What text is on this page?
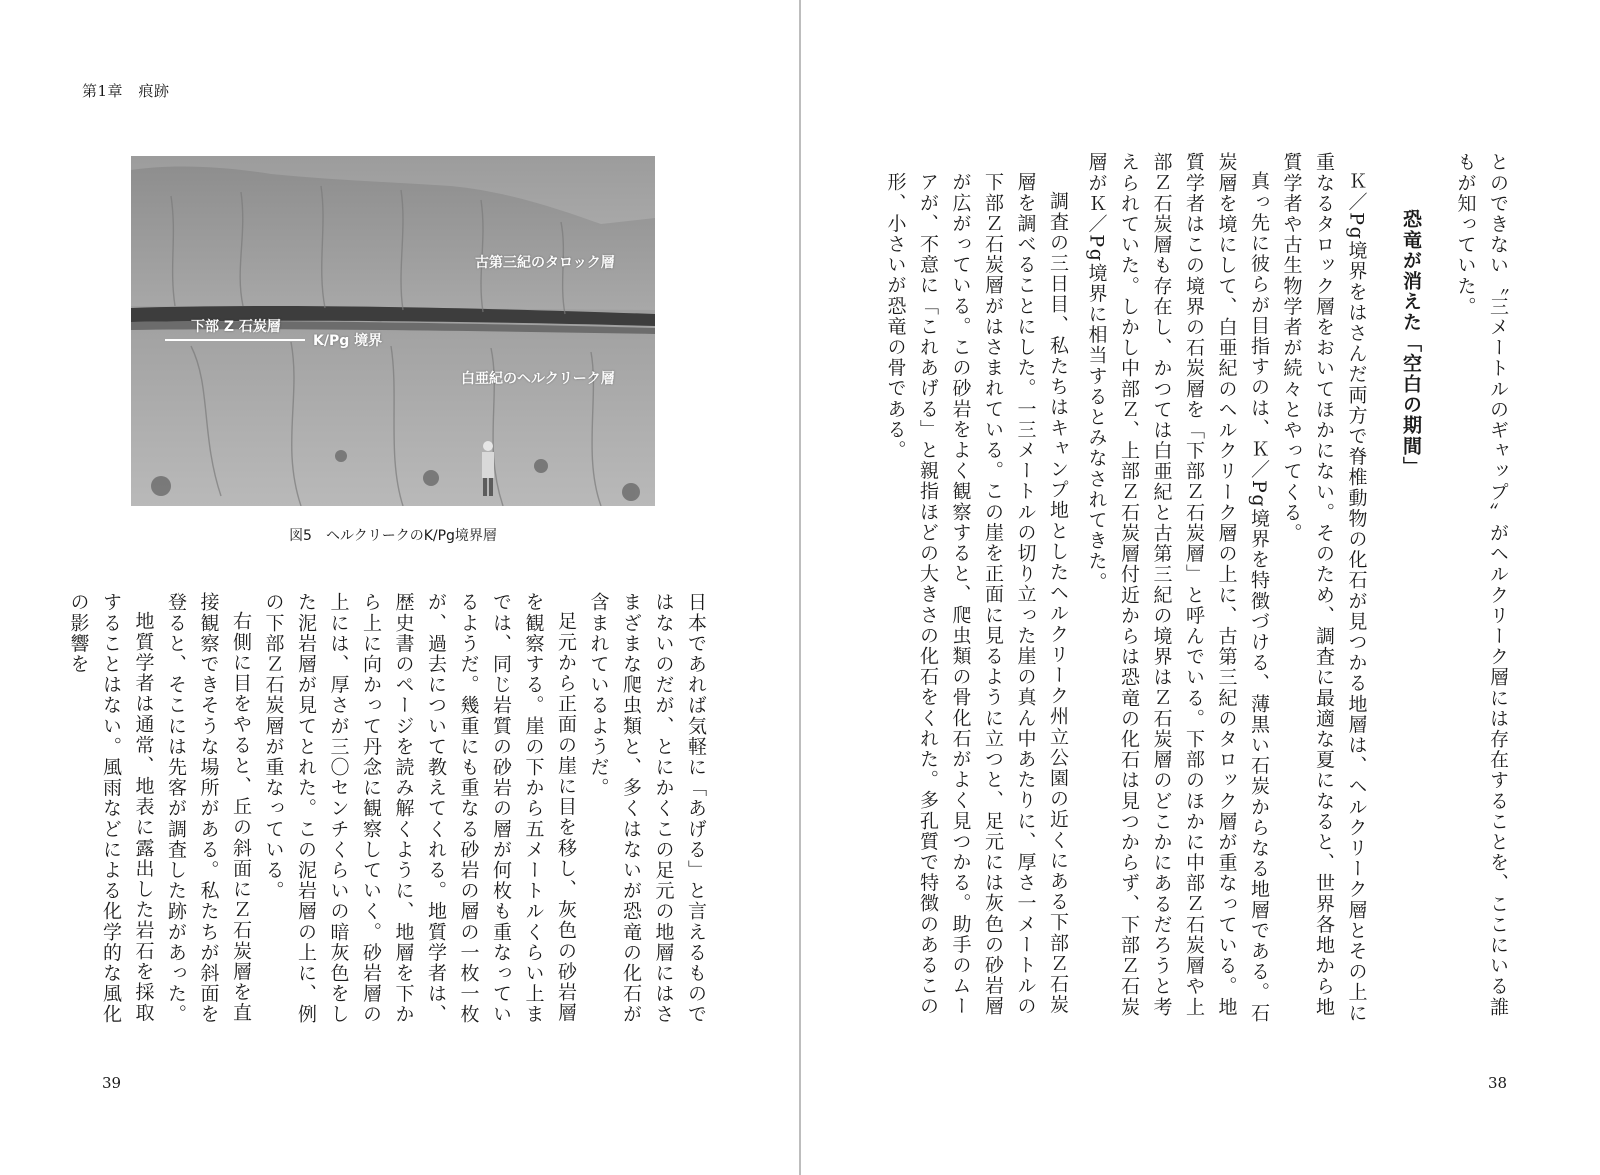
第1章　痕跡
古第三紀のタロック層
下部 Z 石炭層
K/Pg 境界
白亜紀のヘルクリーク層
図5　ヘルクリークのK/Pg境界層

日本であれば気軽に「あげる」と言えるものではないのだが、とにかくこの足元の地層にはさまざまな爬虫類と、多くはないが恐竜の化石が含まれているようだ。

足元から正面の崖に目を移し、灰色の砂岩層を観察する。崖の下から五メートルくらい上までは、同じ岩質の砂岩の層が何枚も重なっているようだ。幾重にも重なる砂岩の層の一枚一枚が、過去について教えてくれる。地質学者は、歴史書のページを読み解くように、地層を下から上に向かって丹念に観察していく。砂岩層の上には、厚さが三〇センチくらいの暗灰色をした泥岩層が見てとれた。この泥岩層の上に、例の下部Ｚ石炭層が重なっている。

右側に目をやると、丘の斜面にＺ石炭層を直接観察できそうな場所がある。私たちが斜面を登ると、そこには先客が調査した跡があった。

地質学者は通常、地表に露出した岩石を採取することはない。風雨などによる化学的な風化の影響を

39

とのできない〝三メートルのギャップ〟がヘルクリーク層には存在することを、ここにいる誰もが知っていた。

恐竜が消えた「空白の期間」

Ｋ／Pg境界をはさんだ両方で脊椎動物の化石が見つかる地層は、ヘルクリーク層とその上に重なるタロック層をおいてほかにない。そのため、調査に最適な夏になると、世界各地から地質学者や古生物学者が続々とやってくる。

真っ先に彼らが目指すのは、Ｋ／Pg境界を特徴づける、薄黒い石炭からなる地層である。石炭層を境にして、白亜紀のヘルクリーク層の上に、古第三紀のタロック層が重なっている。地質学者はこの境界の石炭層を「下部Ｚ石炭層」と呼んでいる。下部のほかに中部Ｚ石炭層や上部Ｚ石炭層も存在し、かつては白亜紀と古第三紀の境界はＺ石炭層のどこかにあるだろうと考えられていた。しかし中部Ｚ、上部Ｚ石炭層付近からは恐竜の化石は見つからず、下部Ｚ石炭層がＫ／Pg境界に相当するとみなされてきた。

調査の三日目、私たちはキャンプ地としたヘルクリーク州立公園の近くにある下部Ｚ石炭層を調べることにした。一三メートルの切り立った崖の真ん中あたりに、厚さ一メートルの下部Ｚ石炭層がはさまれている。この崖を正面に見るように立つと、足元には灰色の砂岩層が広がっている。この砂岩をよく観察すると、爬虫類の骨化石がよく見つかる。助手のムーアが、不意に「これあげる」と親指ほどの大きさの化石をくれた。多孔質で特徴のあるこの形、小さいが恐竜の骨である。

38
